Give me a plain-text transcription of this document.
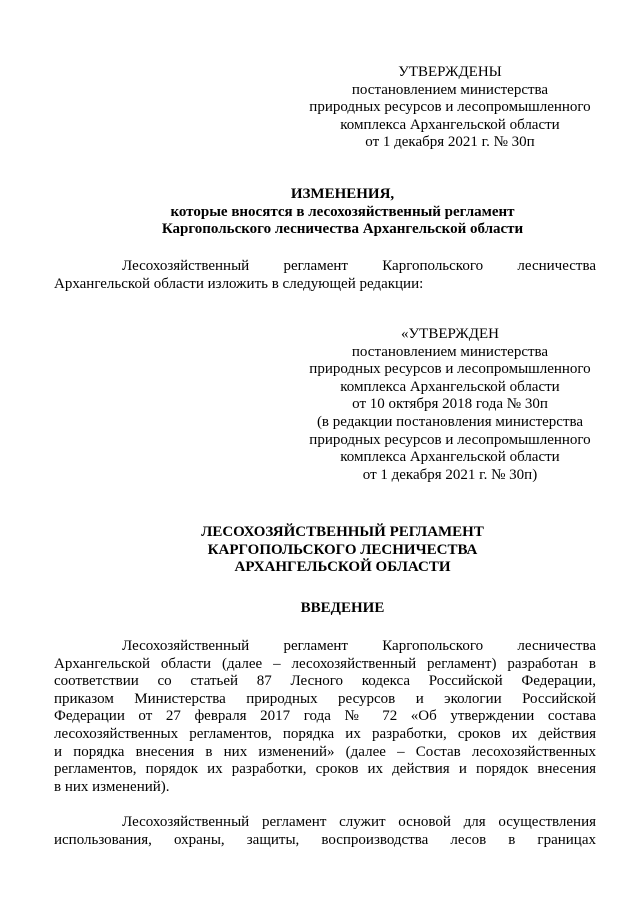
УТВЕРЖДЕНЫ
постановлением министерства
природных ресурсов и лесопромышленного
комплекса Архангельской области
от 1 декабря 2021 г. № 30п
ИЗМЕНЕНИЯ,
которые вносятся в лесохозяйственный регламент
Каргопольского лесничества Архангельской области
Лесохозяйственный регламент Каргопольского лесничества
Архангельской области изложить в следующей редакции:
«УТВЕРЖДЕН
постановлением министерства
природных ресурсов и лесопромышленного
комплекса Архангельской области
от 10 октября 2018 года № 30п
(в редакции постановления министерства
природных ресурсов и лесопромышленного
комплекса Архангельской области
от 1 декабря 2021 г. № 30п)
ЛЕСОХОЗЯЙСТВЕННЫЙ РЕГЛАМЕНТ
КАРГОПОЛЬСКОГО ЛЕСНИЧЕСТВА
АРХАНГЕЛЬСКОЙ ОБЛАСТИ
ВВЕДЕНИЕ
Лесохозяйственный регламент Каргопольского лесничества
Архангельской области (далее – лесохозяйственный регламент) разработан в
соответствии со статьей 87 Лесного кодекса Российской Федерации,
приказом Министерства природных ресурсов и экологии Российской
Федерации от 27 февраля 2017 года № 72 «Об утверждении состава
лесохозяйственных регламентов, порядка их разработки, сроков их действия
и порядка внесения в них изменений» (далее – Состав лесохозяйственных
регламентов, порядок их разработки, сроков их действия и порядок внесения
в них изменений).
Лесохозяйственный регламент служит основой для осуществления
использования, охраны, защиты, воспроизводства лесов в границах
